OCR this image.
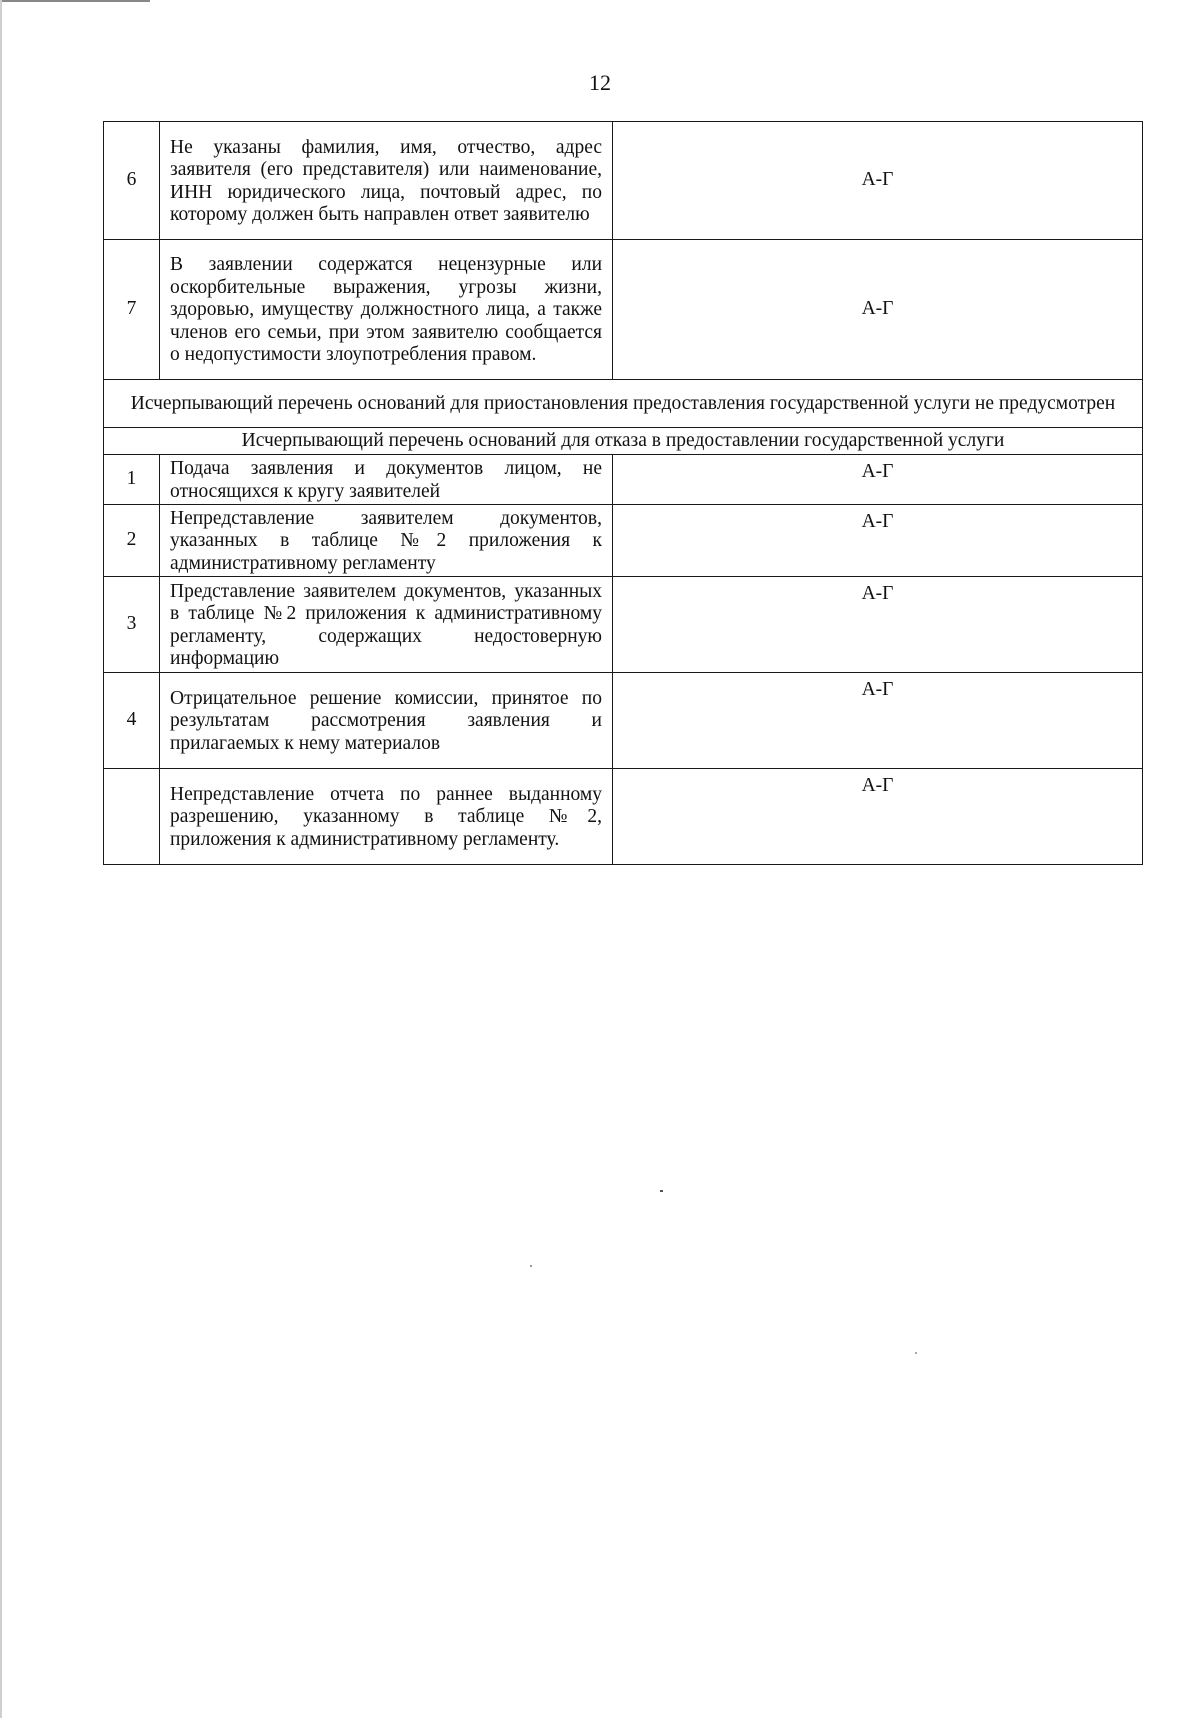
12
6	Не указаны фамилия, имя, отчество, адрес заявителя (его представителя) или наименование, ИНН юридического лица, почтовый адрес, по которому должен быть направлен ответ заявителю	А-Г
7	В заявлении содержатся нецензурные или оскорбительные выражения, угрозы жизни, здоровью, имуществу должностного лица, а также членов его семьи, при этом заявителю сообщается о недопустимости злоупотребления правом.	А-Г
Исчерпывающий перечень оснований для приостановления предоставления государственной услуги не предусмотрен		
Исчерпывающий перечень оснований для отказа в предоставлении государственной услуги		
1	Подача заявления и документов лицом, не относящихся к кругу заявителей	А-Г
2	Непредставление заявителем документов, указанных в таблице №2 приложения к административному регламенту	А-Г
3	Представление заявителем документов, указанных в таблице №2 приложения к административному регламенту, содержащих недостоверную информацию	А-Г
4	Отрицательное решение комиссии, принятое по результатам рассмотрения заявления и прилагаемых к нему материалов	А-Г
	Непредставление отчета по раннее выданному разрешению, указанному в таблице №2, приложения к административному регламенту.	А-Г
